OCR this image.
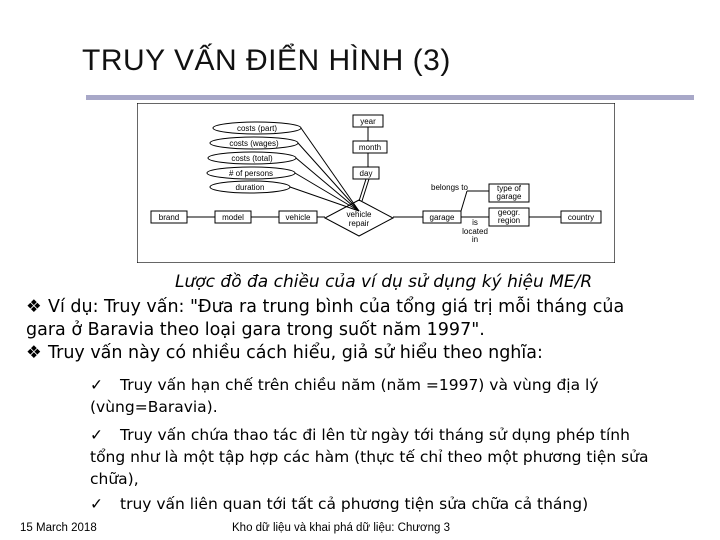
TRUY VẤN ĐIỂN HÌNH (3)
costs (part)
costs (wages)
costs (total)
# of persons
duration
year
month
day
vehicle
repair
brand	model	vehicle	garage
belongs to	type of
garage
is
located
in
geogr.
region	country
Lược đồ đa chiều của ví dụ sử dụng ký hiệu ME/R
❖ Ví dụ: Truy vấn: "Đưa ra trung bình của tổng giá trị mỗi tháng của
gara ở Baravia theo loại gara trong suốt năm 1997".
❖ Truy vấn này có nhiều cách hiểu, giả sử hiểu theo nghĩa:
✓ Truy vấn hạn chế trên chiều năm (năm =1997) và vùng địa lý
(vùng=Baravia).
✓ Truy vấn chứa thao tác đi lên từ ngày tới tháng sử dụng phép tính
tổng như là một tập hợp các hàm (thực tế chỉ theo một phương tiện sửa
chữa),
✓ truy vấn liên quan tới tất cả phương tiện sửa chữa cả tháng)
15 March 2018	Kho dữ liệu và khai phá dữ liệu: Chương 3
